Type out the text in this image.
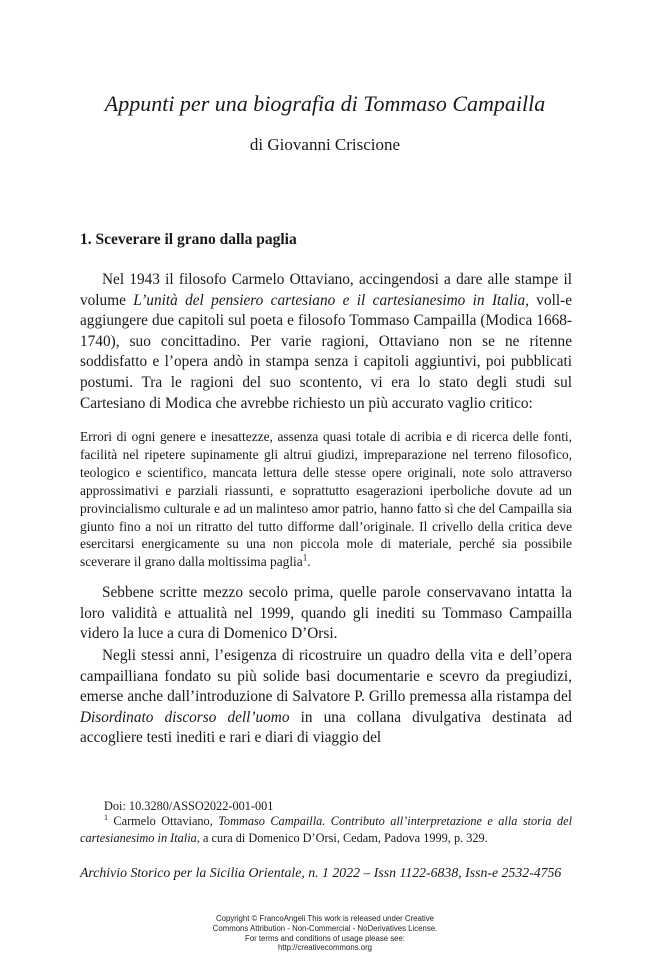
Appunti per una biografia di Tommaso Campailla
di Giovanni Criscione
1. Sceverare il grano dalla paglia

Nel 1943 il filosofo Carmelo Ottaviano, accingendosi a dare alle stampe il volume L’unità del pensiero cartesiano e il cartesianesimo in Italia, voll-e aggiungere due capitoli sul poeta e filosofo Tommaso Campailla (Modica 1668-1740), suo concittadino. Per varie ragioni, Ottaviano non se ne ritenne soddisfatto e l’opera andò in stampa senza i capitoli aggiuntivi, poi pubblicati postumi. Tra le ragioni del suo scontento, vi era lo stato degli studi sul Cartesiano di Modica che avrebbe richiesto un più accurato vaglio critico:

Errori di ogni genere e inesattezze, assenza quasi totale di acribia e di ricerca delle fonti, facilità nel ripetere supinamente gli altrui giudizi, impreparazione nel terreno filosofico, teologico e scientifico, mancata lettura delle stesse opere originali, note solo attraverso approssimativi e parziali riassunti, e soprattutto esagerazioni iperboliche dovute ad un provincialismo culturale e ad un malinteso amor patrio, hanno fatto sì che del Campailla sia giunto fino a noi un ritratto del tutto difforme dall’originale. Il crivello della critica deve esercitarsi energicamente su una non piccola mole di materiale, perché sia possibile sceverare il grano dalla moltissima paglia$^1$.

Sebbene scritte mezzo secolo prima, quelle parole conservavano intatta la loro validità e attualità nel 1999, quando gli inediti su Tommaso Campailla videro la luce a cura di Domenico D’Orsi.

Negli stessi anni, l’esigenza di ricostruire un quadro della vita e dell’opera campailliana fondato su più solide basi documentarie e scevro da pregiudizi, emerse anche dall’introduzione di Salvatore P. Grillo premessa alla ristampa del Disordinato discorso dell’uomo in una collana divulgativa destinata ad accogliere testi inediti e rari e diari di viaggio del

Doi: 10.3280/ASSO2022-001-001

$^1$ Carmelo Ottaviano, Tommaso Campailla. Contributo all’interpretazione e alla storia del cartesianesimo in Italia, a cura di Domenico D’Orsi, Cedam, Padova 1999, p. 329.

Archivio Storico per la Sicilia Orientale, n. 1 2022 – Issn 1122-6838, Issn-e 2532-4756
Copyright © FrancoAngeli This work is released under Creative
Commons Attribution - Non-Commercial - NoDerivatives License.
For terms and conditions of usage please see:
http://creativecommons.org
